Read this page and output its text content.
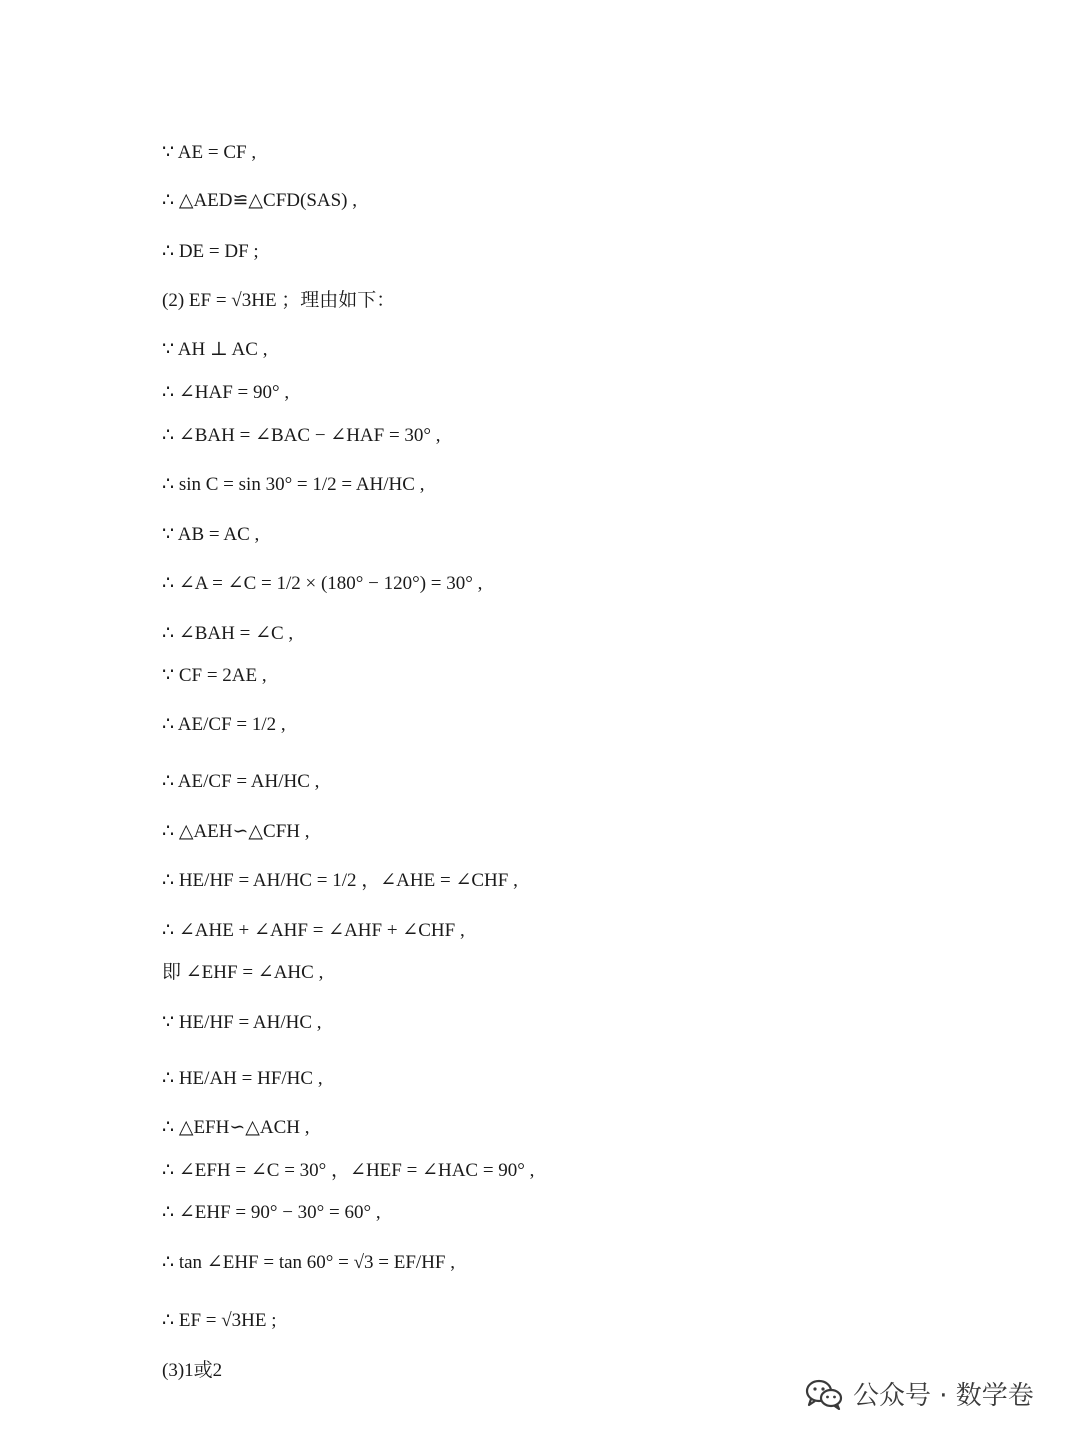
∵ AE = CF ,
∴ △AED≌△CFD(SAS) ,
∴ DE = DF ;
(2) EF = √3HE ；理由如下：
∵ AH ⊥ AC ,
∴ ∠HAF = 90° ,
∴ ∠BAH = ∠BAC − ∠HAF = 30° ,
∴ sin C = sin 30° = 1/2 = AH/HC ,
∵ AB = AC ,
∴ ∠A = ∠C = 1/2 × (180° − 120°) = 30° ,
∴ ∠BAH = ∠C ,
∵ CF = 2AE ,
∴ AE/CF = 1/2 ,
∴ AE/CF = AH/HC ,
∴ △AEH∽△CFH ,
∴ HE/HF = AH/HC = 1/2 ，∠AHE = ∠CHF ,
∴ ∠AHE + ∠AHF = ∠AHF + ∠CHF ,
即 ∠EHF = ∠AHC ,
∵ HE/HF = AH/HC ,
∴ HE/AH = HF/HC ,
∴ △EFH∽△ACH ,
∴ ∠EFH = ∠C = 30° ，∠HEF = ∠HAC = 90° ,
∴ ∠EHF = 90° − 30° = 60° ,
∴ tan ∠EHF = tan 60° = √3 = EF/HF ,
∴ EF = √3HE ;
(3)1或2
公众号 · 数学卷
